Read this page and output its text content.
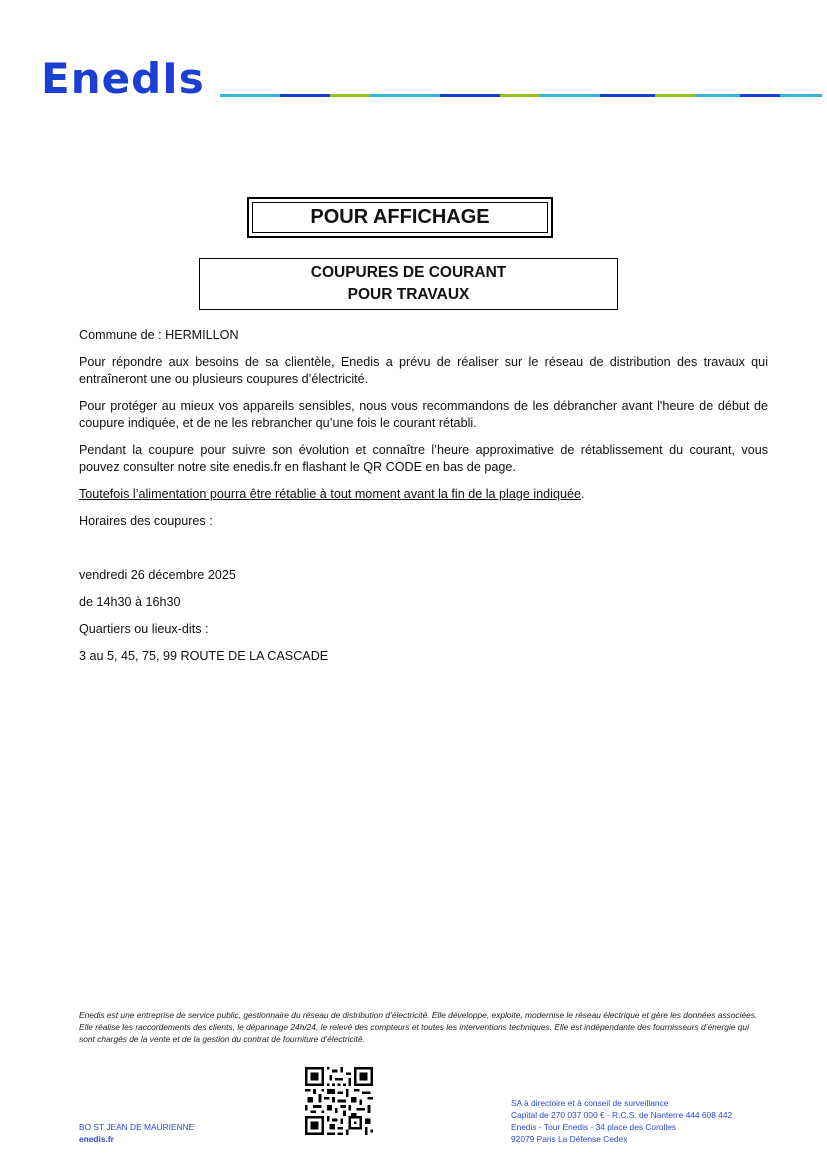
EnedIs
POUR AFFICHAGE
COUPURES DE COURANT
POUR TRAVAUX

Commune de : HERMILLON

Pour répondre aux besoins de sa clientèle, Enedis a prévu de réaliser sur le réseau de distribution des travaux qui entraîneront une ou plusieurs coupures d’électricité.

Pour protéger au mieux vos appareils sensibles, nous vous recommandons de les débrancher avant l'heure de début de coupure indiquée, et de ne les rebrancher qu’une fois le courant rétabli.

Pendant la coupure pour suivre son évolution et connaître l’heure approximative de rétablissement du courant, vous pouvez consulter notre site enedis.fr en flashant le QR CODE en bas de page.

Toutefois l’alimentation pourra être rétablie à tout moment avant la fin de la plage indiquée.

Horaires des coupures :

vendredi 26 décembre 2025

de 14h30 à 16h30

Quartiers ou lieux-dits :

3 au 5, 45, 75, 99 ROUTE DE LA CASCADE

Enedis est une entreprise de service public, gestionnaire du réseau de distribution d’électricité. Elle développe, exploite, modernise le réseau électrique et gère les données associées. Elle réalise les raccordements des clients, le dépannage 24h/24, le relevé des compteurs et toutes les interventions techniques. Elle est indépendante des fournisseurs d’énergie qui sont chargés de la vente et de la gestion du contrat de fourniture d’électricité.
BO ST JEAN DE MAURIENNE
enedis.fr
SA à directoire et à conseil de surveillance
Capital de 270 037 000 € - R.C.S. de Nanterre 444 608 442
Enedis - Tour Enedis - 34 place des Corolles
92079 Paris La Défense Cedex
